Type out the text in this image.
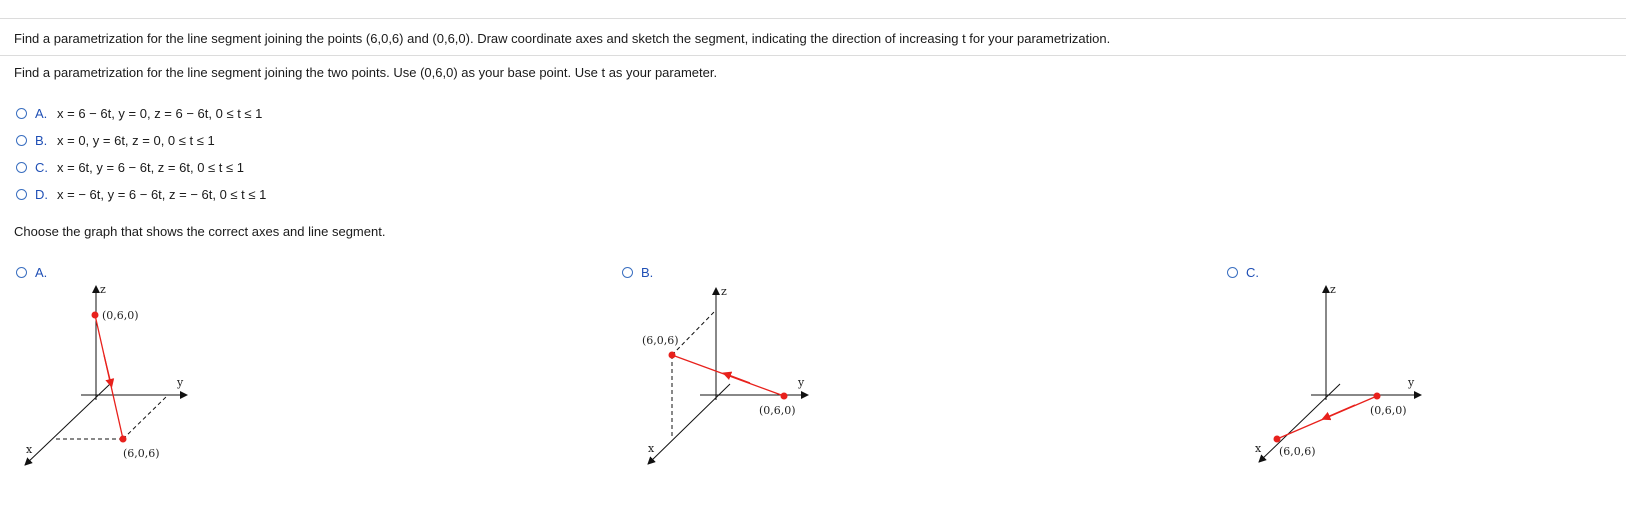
Find a parametrization for the line segment joining the points (6,0,6) and (0,6,0). Draw coordinate axes and sketch the segment, indicating the direction of increasing t for your parametrization.
Find a parametrization for the line segment joining the two points. Use (0,6,0) as your base point. Use t as your parameter.
A. x = 6 − 6t, y = 0, z = 6 − 6t, 0 ≤ t ≤ 1
B. x = 0, y = 6t, z = 0, 0 ≤ t ≤ 1
C. x = 6t, y = 6 − 6t, z = 6t, 0 ≤ t ≤ 1
D. x = − 6t, y = 6 − 6t, z = − 6t, 0 ≤ t ≤ 1
Choose the graph that shows the correct axes and line segment.
A.
z
y
x
(0,6,0)
(6,0,6)
B.
z
y
x
(0,6,0)
(6,0,6)
C.
z
y
x
(0,6,0)
(6,0,6)
